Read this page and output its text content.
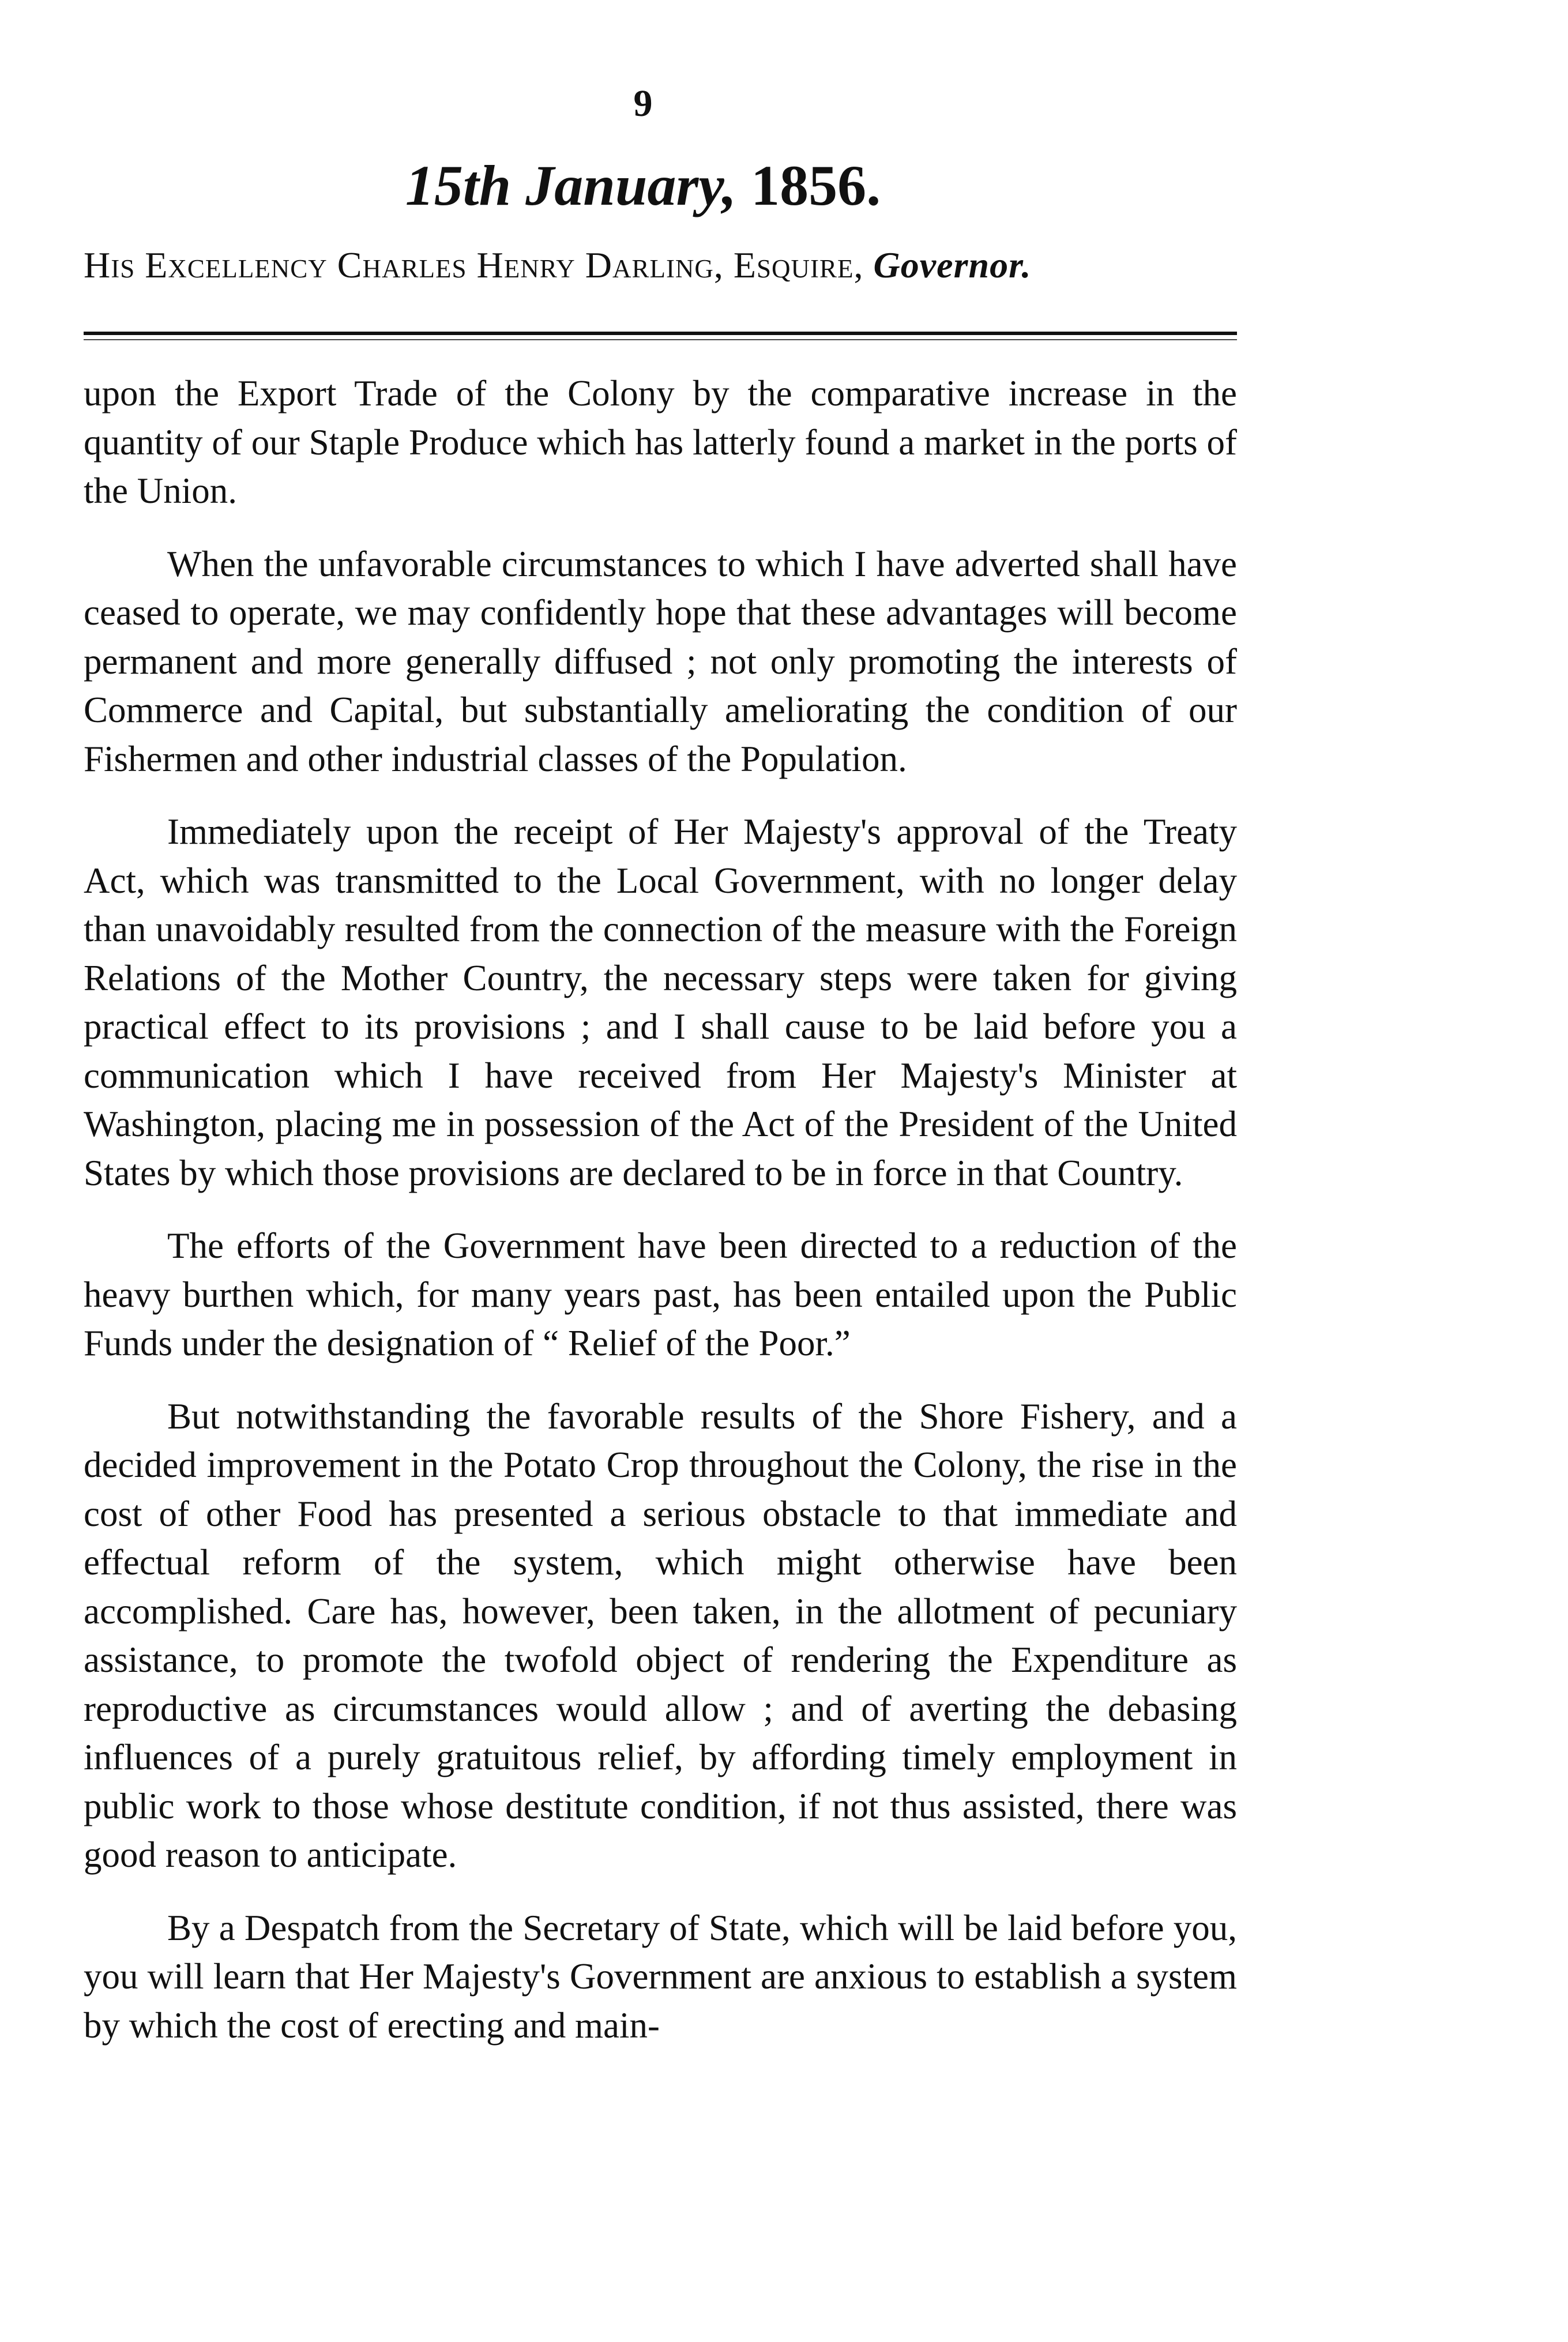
9
15th January, 1856.
His Excellency Charles Henry Darling, Esquire, Governor.

upon the Export Trade of the Colony by the comparative increase in the quantity of our Staple Produce which has latterly found a market in the ports of the Union.

When the unfavorable circumstances to which I have adverted shall have ceased to operate, we may confidently hope that these advantages will become permanent and more generally diffused ; not only promoting the interests of Commerce and Capital, but substantially ameliorating the condition of our Fishermen and other industrial classes of the Population.

Immediately upon the receipt of Her Majesty's approval of the Treaty Act, which was transmitted to the Local Government, with no longer delay than unavoidably resulted from the connection of the measure with the Foreign Relations of the Mother Country, the necessary steps were taken for giving practical effect to its provisions ; and I shall cause to be laid before you a communication which I have received from Her Majesty's Minister at Washington, placing me in possession of the Act of the President of the United States by which those provisions are declared to be in force in that Country.

The efforts of the Government have been directed to a reduction of the heavy burthen which, for many years past, has been entailed upon the Public Funds under the designation of “ Relief of the Poor.”

But notwithstanding the favorable results of the Shore Fishery, and a decided improvement in the Potato Crop throughout the Colony, the rise in the cost of other Food has presented a serious obstacle to that immediate and effectual reform of the system, which might otherwise have been accomplished. Care has, however, been taken, in the allotment of pecuniary assistance, to promote the twofold object of rendering the Expenditure as reproductive as circumstances would allow ; and of averting the debasing influences of a purely gratuitous relief, by affording timely employment in public work to those whose destitute condition, if not thus assisted, there was good reason to anticipate.

By a Despatch from the Secretary of State, which will be laid before you, you will learn that Her Majesty's Government are anxious to establish a system by which the cost of erecting and main-
